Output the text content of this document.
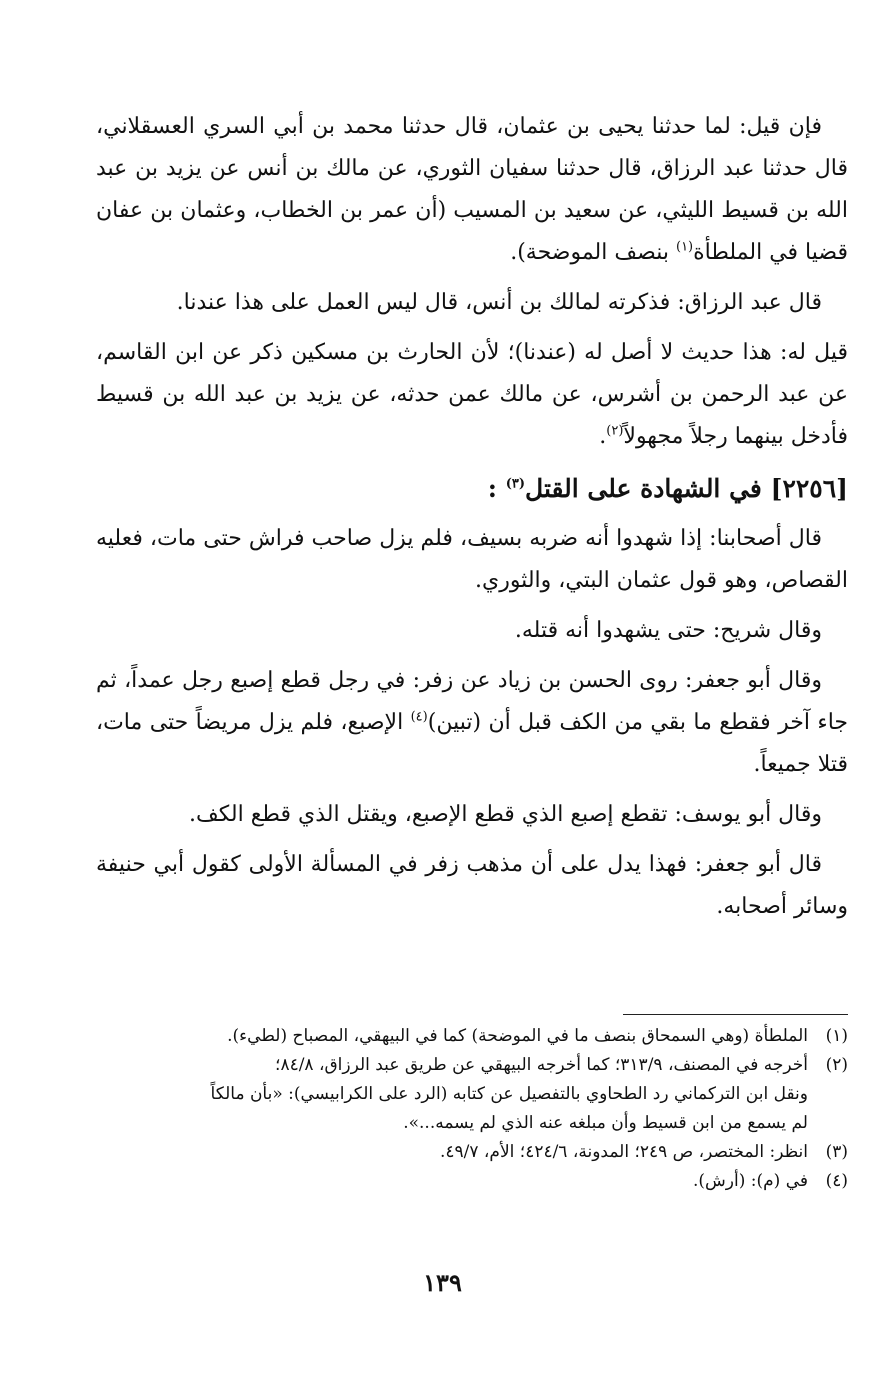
فإن قيل: لما حدثنا يحيى بن عثمان، قال حدثنا محمد بن أبي السري العسقلاني، قال حدثنا عبد الرزاق، قال حدثنا سفيان الثوري، عن مالك بن أنس عن يزيد بن عبد الله بن قسيط الليثي، عن سعيد بن المسيب (أن عمر بن الخطاب، وعثمان بن عفان قضيا في الملطأة$^{(١)}$ بنصف الموضحة).

قال عبد الرزاق: فذكرته لمالك بن أنس، قال ليس العمل على هذا عندنا.

قيل له: هذا حديث لا أصل له (عندنا)؛ لأن الحارث بن مسكين ذكر عن ابن القاسم، عن عبد الرحمن بن أشرس، عن مالك عمن حدثه، عن يزيد بن عبد الله بن قسيط فأدخل بينهما رجلاً مجهولاً$^{(٢)}$.

[٢٢٥٦] في الشهادة على القتل$^{(٣)}$ :

قال أصحابنا: إذا شهدوا أنه ضربه بسيف، فلم يزل صاحب فراش حتى مات، فعليه القصاص، وهو قول عثمان البتي، والثوري.

وقال شريح: حتى يشهدوا أنه قتله.

وقال أبو جعفر: روى الحسن بن زياد عن زفر: في رجل قطع إصبع رجل عمداً، ثم جاء آخر فقطع ما بقي من الكف قبل أن (تبين)$^{(٤)}$ الإصبع، فلم يزل مريضاً حتى مات، قتلا جميعاً.

وقال أبو يوسف: تقطع إصبع الذي قطع الإصبع، ويقتل الذي قطع الكف.

قال أبو جعفر: فهذا يدل على أن مذهب زفر في المسألة الأولى كقول أبي حنيفة وسائر أصحابه.

(١)
الملطأة (وهي السمحاق بنصف ما في الموضحة) كما في البيهقي، المصباح (لطيء).
(٢)
أخرجه في المصنف، ٣١٣/٩؛ كما أخرجه البيهقي عن طريق عبد الرزاق، ٨٤/٨؛
ونقل ابن التركماني رد الطحاوي بالتفصيل عن كتابه (الرد على الكرابيسي): «بأن مالكاً
لم يسمع من ابن قسيط وأن مبلغه عنه الذي لم يسمه...».
(٣)
انظر: المختصر، ص ٢٤٩؛ المدونة، ٤٢٤/٦؛ الأم، ٤٩/٧.
(٤)
في (م): (أرش).
١٣٩
